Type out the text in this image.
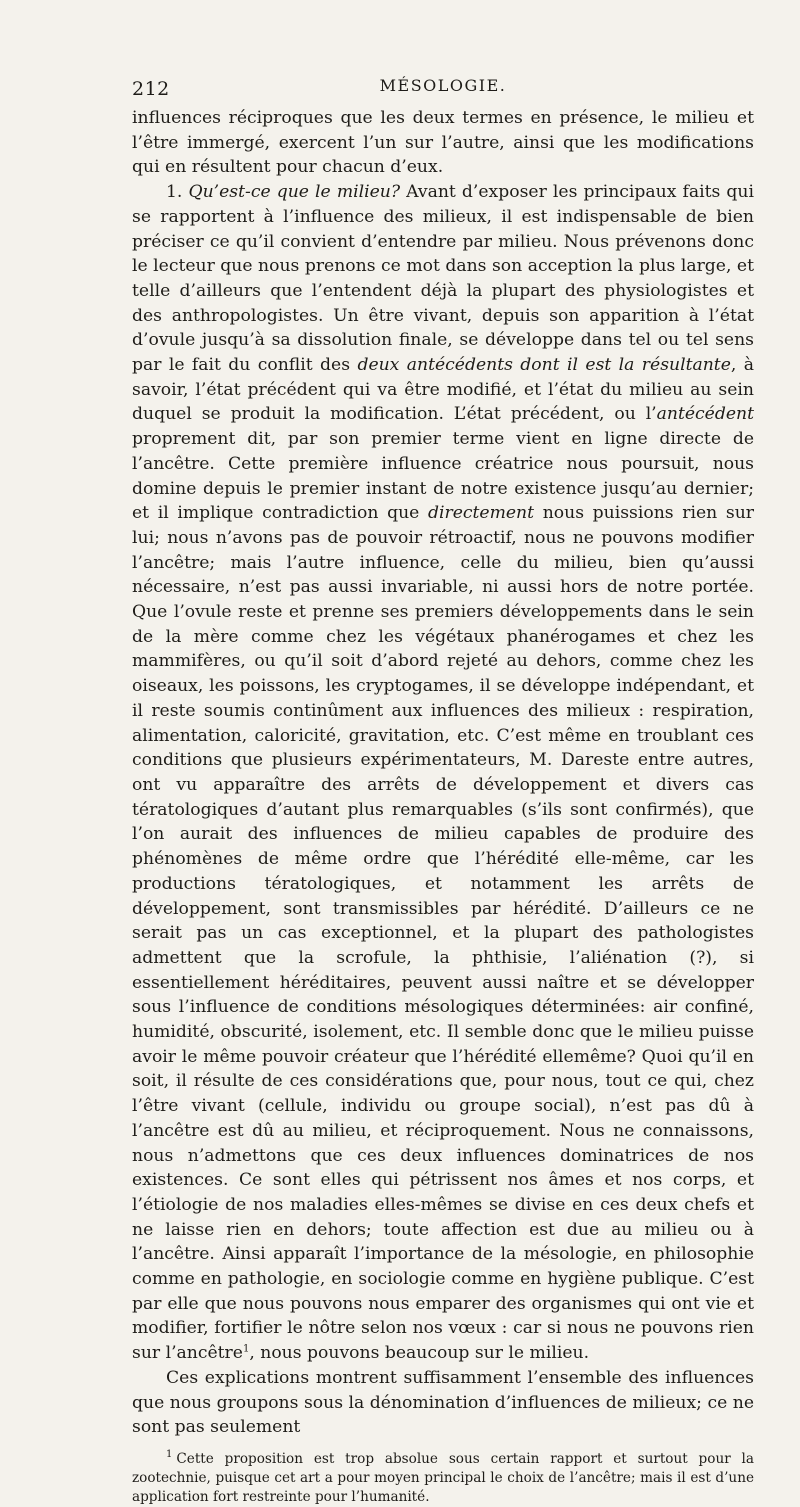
212	MÉSOLOGIE.

influences réciproques que les deux termes en présence, le milieu et l’être immergé, exercent l’un sur l’autre, ainsi que les modifications qui en résultent pour chacun d’eux.

1. Qu’est-ce que le milieu? Avant d’exposer les principaux faits qui se rapportent à l’influence des milieux, il est indispensable de bien préciser ce qu’il convient d’entendre par milieu. Nous prévenons donc le lecteur que nous prenons ce mot dans son acception la plus large, et telle d’ailleurs que l’entendent déjà la plupart des physiologistes et des anthropologistes. Un être vivant, depuis son apparition à l’état d’ovule jusqu’à sa dissolution finale, se développe dans tel ou tel sens par le fait du conflit des deux antécédents dont il est la résultante, à savoir, l’état précédent qui va être modifié, et l’état du milieu au sein duquel se produit la modification. L’état précédent, ou l’antécédent proprement dit, par son premier terme vient en ligne directe de l’ancêtre. Cette première influence créatrice nous poursuit, nous domine depuis le premier instant de notre existence jusqu’au dernier; et il implique contradiction que directement nous puissions rien sur lui; nous n’avons pas de pouvoir rétroactif, nous ne pouvons modifier l’ancêtre; mais l’autre influence, celle du milieu, bien qu’aussi nécessaire, n’est pas aussi invariable, ni aussi hors de notre portée. Que l’ovule reste et prenne ses premiers développements dans le sein de la mère comme chez les végétaux phanérogames et chez les mammifères, ou qu’il soit d’abord rejeté au dehors, comme chez les oiseaux, les poissons, les cryptogames, il se développe indépendant, et il reste soumis continûment aux influences des milieux : respiration, alimentation, caloricité, gravitation, etc. C’est même en troublant ces conditions que plusieurs expérimentateurs, M. Dareste entre autres, ont vu apparaître des arrêts de développement et divers cas tératologiques d’autant plus remarquables (s’ils sont confirmés), que l’on aurait des influences de milieu capables de produire des phénomènes de même ordre que l’hérédité elle-même, car les productions tératologiques, et notamment les arrêts de développement, sont transmissibles par hérédité. D’ailleurs ce ne serait pas un cas exceptionnel, et la plupart des pathologistes admettent que la scrofule, la phthisie, l’aliénation (?), si essentiellement héréditaires, peuvent aussi naître et se développer sous l’influence de conditions mésologiques déterminées: air confiné, humidité, obscurité, isolement, etc. Il semble donc que le milieu puisse avoir le même pouvoir créateur que l’hérédité ellemême? Quoi qu’il en soit, il résulte de ces considérations que, pour nous, tout ce qui, chez l’être vivant (cellule, individu ou groupe social), n’est pas dû à l’ancêtre est dû au milieu, et réciproquement. Nous ne connaissons, nous n’admettons que ces deux influences dominatrices de nos existences. Ce sont elles qui pétrissent nos âmes et nos corps, et l’étiologie de nos maladies elles-mêmes se divise en ces deux chefs et ne laisse rien en dehors; toute affection est due au milieu ou à l’ancêtre. Ainsi apparaît l’importance de la mésologie, en philosophie comme en pathologie, en sociologie comme en hygiène publique. C’est par elle que nous pouvons nous emparer des organismes qui ont vie et modifier, fortifier le nôtre selon nos vœux : car si nous ne pouvons rien sur l’ancêtre$^1$, nous pouvons beaucoup sur le milieu.

Ces explications montrent suffisamment l’ensemble des influences que nous groupons sous la dénomination d’influences de milieux; ce ne sont pas seulement

$^1$ Cette proposition est trop absolue sous certain rapport et surtout pour la zootechnie, puisque cet art a pour moyen principal le choix de l’ancêtre; mais il est d’une application fort restreinte pour l’humanité.
